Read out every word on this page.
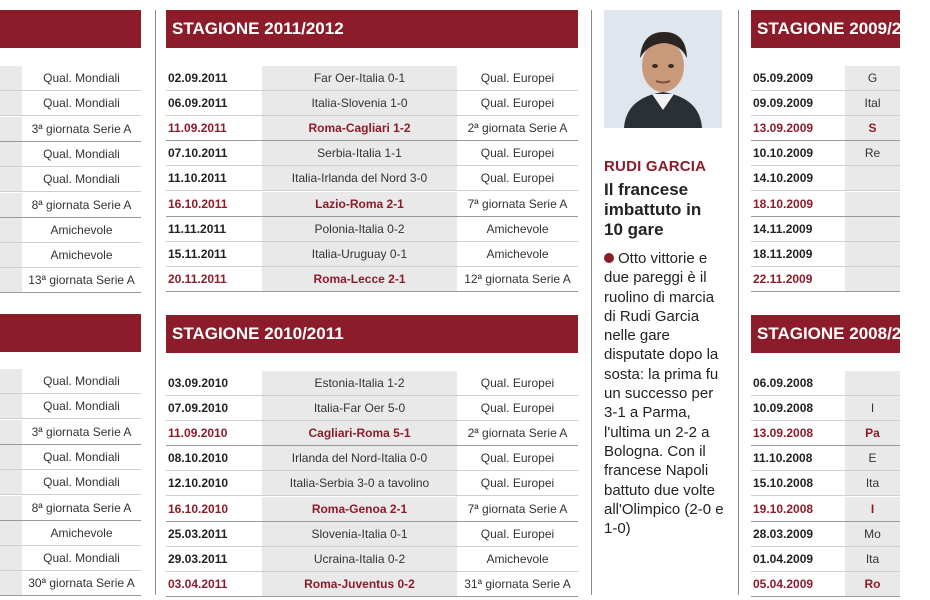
Qual. Mondiali
Qual. Mondiali
3ª giornata Serie A
Qual. Mondiali
Qual. Mondiali
8ª giornata Serie A
Amichevole
Amichevole
13ª giornata Serie A
Qual. Mondiali
Qual. Mondiali
3ª giornata Serie A
Qual. Mondiali
Qual. Mondiali
8ª giornata Serie A
Amichevole
Qual. Mondiali
30ª giornata Serie A
STAGIONE 2011/2012
02.09.2011	Far Oer-Italia 0-1	Qual. Europei
06.09.2011	Italia-Slovenia 1-0	Qual. Europei
11.09.2011	Roma-Cagliari 1-2	2ª giornata Serie A
07.10.2011	Serbia-Italia 1-1	Qual. Europei
11.10.2011	Italia-Irlanda del Nord 3-0	Qual. Europei
16.10.2011	Lazio-Roma 2-1	7ª giornata Serie A
11.11.2011	Polonia-Italia 0-2	Amichevole
15.11.2011	Italia-Uruguay 0-1	Amichevole
20.11.2011	Roma-Lecce 2-1	12ª giornata Serie A
STAGIONE 2010/2011
03.09.2010	Estonia-Italia 1-2	Qual. Europei
07.09.2010	Italia-Far Oer 5-0	Qual. Europei
11.09.2010	Cagliari-Roma 5-1	2ª giornata Serie A
08.10.2010	Irlanda del Nord-Italia 0-0	Qual. Europei
12.10.2010	Italia-Serbia 3-0 a tavolino	Qual. Europei
16.10.2010	Roma-Genoa 2-1	7ª giornata Serie A
25.03.2011	Slovenia-Italia 0-1	Qual. Europei
29.03.2011	Ucraina-Italia 0-2	Amichevole
03.04.2011	Roma-Juventus 0-2	31ª giornata Serie A
RUDI GARCIA
Il francese imbattuto in 10 gare
Otto vittorie e due pareggi è il ruolino di marcia di Rudi Garcia nelle gare disputate dopo la sosta: la prima fu un successo per 3-1 a Parma, l'ultima un 2-2 a Bologna. Con il francese Napoli battuto due volte all'Olimpico (2-0 e 1-0)
STAGIONE 2009/2010
05.09.2009	G
09.09.2009	Ital
13.09.2009	S
10.10.2009	Re
14.10.2009
18.10.2009
14.11.2009
18.11.2009
22.11.2009
STAGIONE 2008/2009
06.09.2008
10.09.2008	I
13.09.2008	Pa
11.10.2008	E
15.10.2008	Ita
19.10.2008	I
28.03.2009	Mo
01.04.2009	Ita
05.04.2009	Ro
